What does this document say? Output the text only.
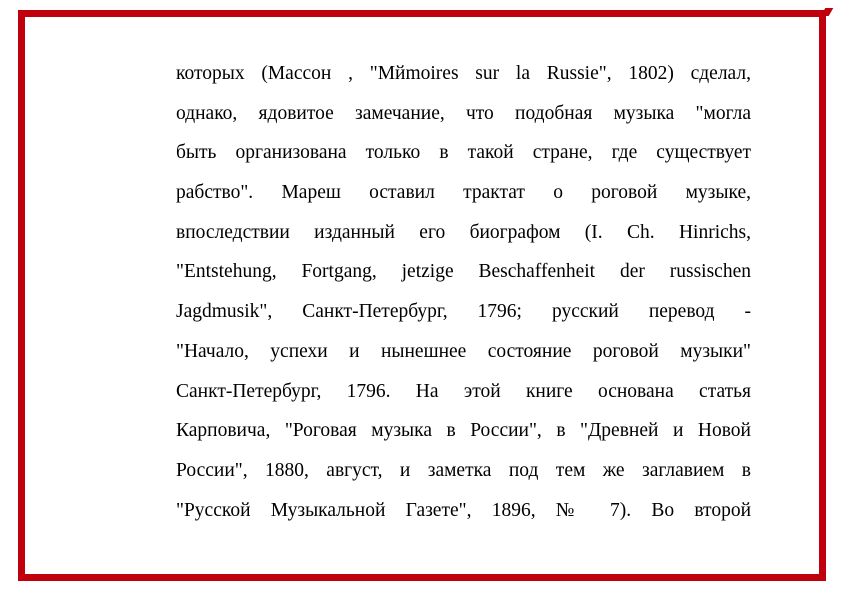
которых (Массон , "Mйmoires sur la Russie", 1802) сделал,
однако, ядовитое замечание, что подобная музыка "могла
быть организована только в такой стране, где существует
рабство". Мареш оставил трактат о роговой музыке,
впоследствии изданный его биографом (I. Ch. Hinrichs,
"Entstehung, Fortgang, jetzige Beschaffenheit der russischen
Jagdmusik", Санкт-Петербург, 1796; русский перевод -
"Начало, успехи и нынешнее состояние роговой музыки"
Санкт-Петербург, 1796. На этой книге основана статья
Карповича, "Роговая музыка в России", в "Древней и Новой
России", 1880, август, и заметка под тем же заглавием в
"Русской Музыкальной Газете", 1896, № 7). Во второй
